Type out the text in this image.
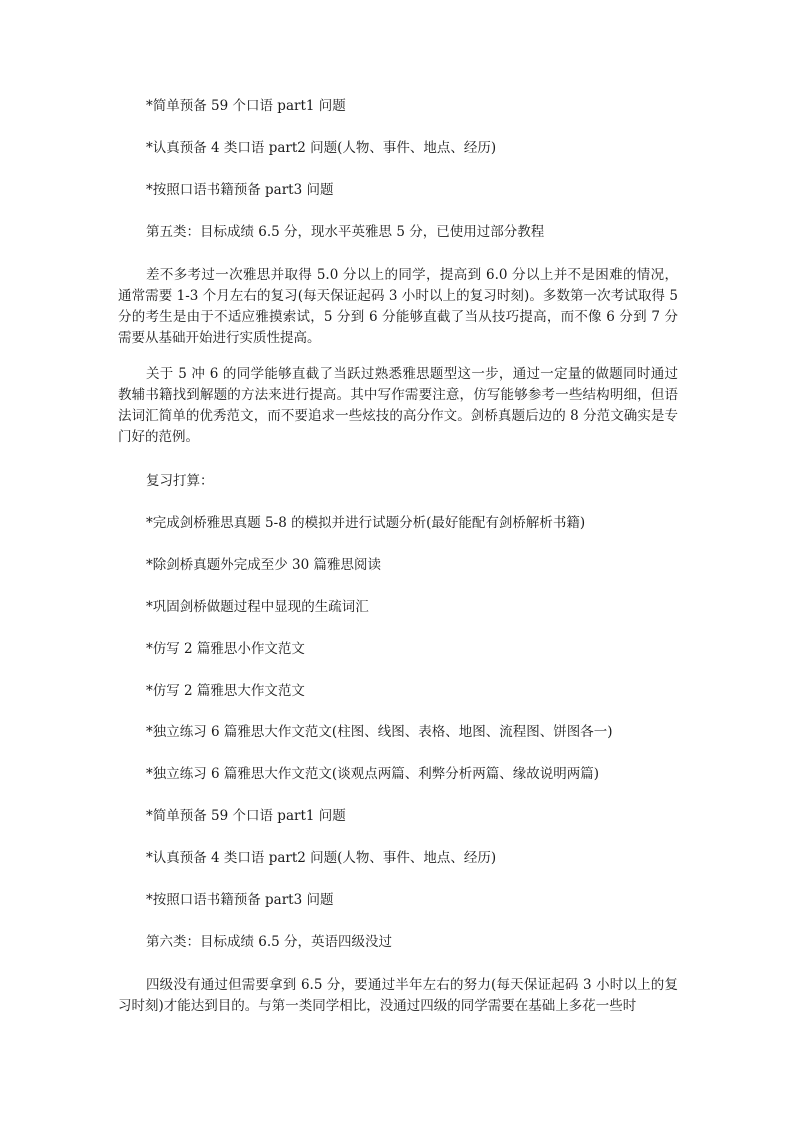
*简单预备 59 个口语 part1 问题

*认真预备 4 类口语 part2 问题(人物、事件、地点、经历)

*按照口语书籍预备 part3 问题

第五类：目标成绩 6.5 分，现水平英雅思 5 分，已使用过部分教程

差不多考过一次雅思并取得 5.0 分以上的同学，提高到 6.0 分以上并不是困难的情况，通常需要 1-3 个月左右的复习(每天保证起码 3 小时以上的复习时刻)。多数第一次考试取得 5 分的考生是由于不适应雅摸索试，5 分到 6 分能够直截了当从技巧提高，而不像 6 分到 7 分需要从基础开始进行实质性提高。

关于 5 冲 6 的同学能够直截了当跃过熟悉雅思题型这一步，通过一定量的做题同时通过教辅书籍找到解题的方法来进行提高。其中写作需要注意，仿写能够参考一些结构明细，但语法词汇简单的优秀范文，而不要追求一些炫技的高分作文。剑桥真题后边的 8 分范文确实是专门好的范例。

复习打算：

*完成剑桥雅思真题 5-8 的模拟并进行试题分析(最好能配有剑桥解析书籍)

*除剑桥真题外完成至少 30 篇雅思阅读

*巩固剑桥做题过程中显现的生疏词汇

*仿写 2 篇雅思小作文范文

*仿写 2 篇雅思大作文范文

*独立练习 6 篇雅思大作文范文(柱图、线图、表格、地图、流程图、饼图各一)

*独立练习 6 篇雅思大作文范文(谈观点两篇、利弊分析两篇、缘故说明两篇)

*简单预备 59 个口语 part1 问题

*认真预备 4 类口语 part2 问题(人物、事件、地点、经历)

*按照口语书籍预备 part3 问题

第六类：目标成绩 6.5 分，英语四级没过

四级没有通过但需要拿到 6.5 分，要通过半年左右的努力(每天保证起码 3 小时以上的复习时刻)才能达到目的。与第一类同学相比，没通过四级的同学需要在基础上多花一些时
